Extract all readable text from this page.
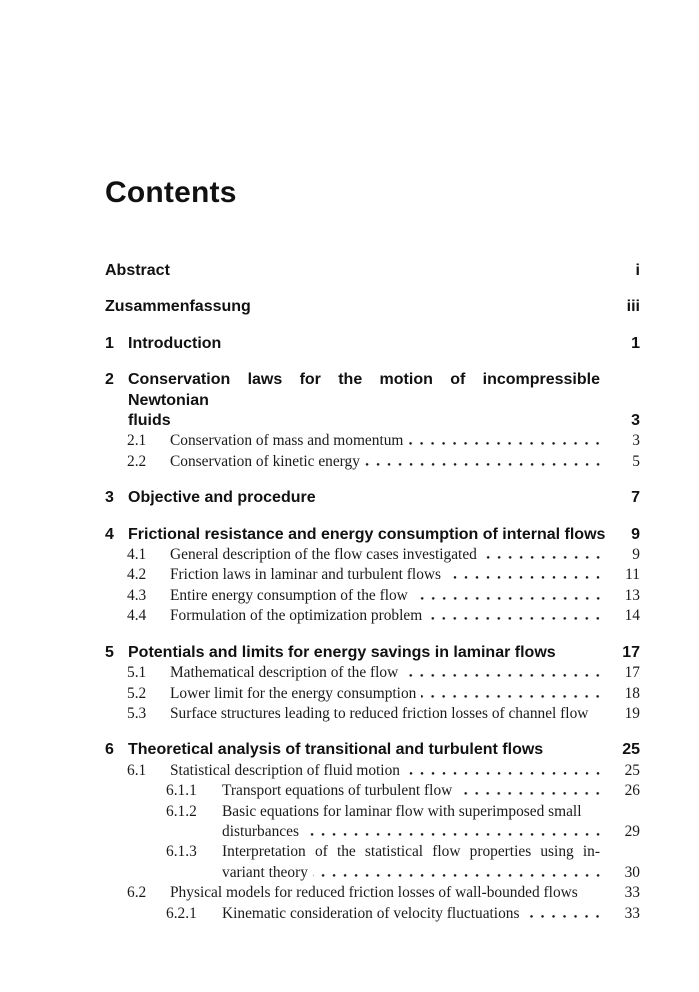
Contents
Abstract	i
Zusammenfassung	iii
1 Introduction	1
2 Conservation laws for the motion of incompressible Newtonian
fluids	3
2.1	Conservation of mass and momentum	3
2.2	Conservation of kinetic energy	5
3 Objective and procedure	7
4 Frictional resistance and energy consumption of internal flows	9
4.1	General description of the flow cases investigated	9
4.2	Friction laws in laminar and turbulent flows	11
4.3	Entire energy consumption of the flow	13
4.4	Formulation of the optimization problem	14
5 Potentials and limits for energy savings in laminar flows	17
5.1	Mathematical description of the flow	17
5.2	Lower limit for the energy consumption	18
5.3	Surface structures leading to reduced friction losses of channel flow	19
6 Theoretical analysis of transitional and turbulent flows	25
6.1	Statistical description of fluid motion	25
6.1.1	Transport equations of turbulent flow	26
6.1.2	Basic equations for laminar flow with superimposed small
disturbances	29
6.1.3	Interpretation of the statistical flow properties using in-
variant theory	30
6.2	Physical models for reduced friction losses of wall-bounded flows	33
6.2.1	Kinematic consideration of velocity fluctuations	33
